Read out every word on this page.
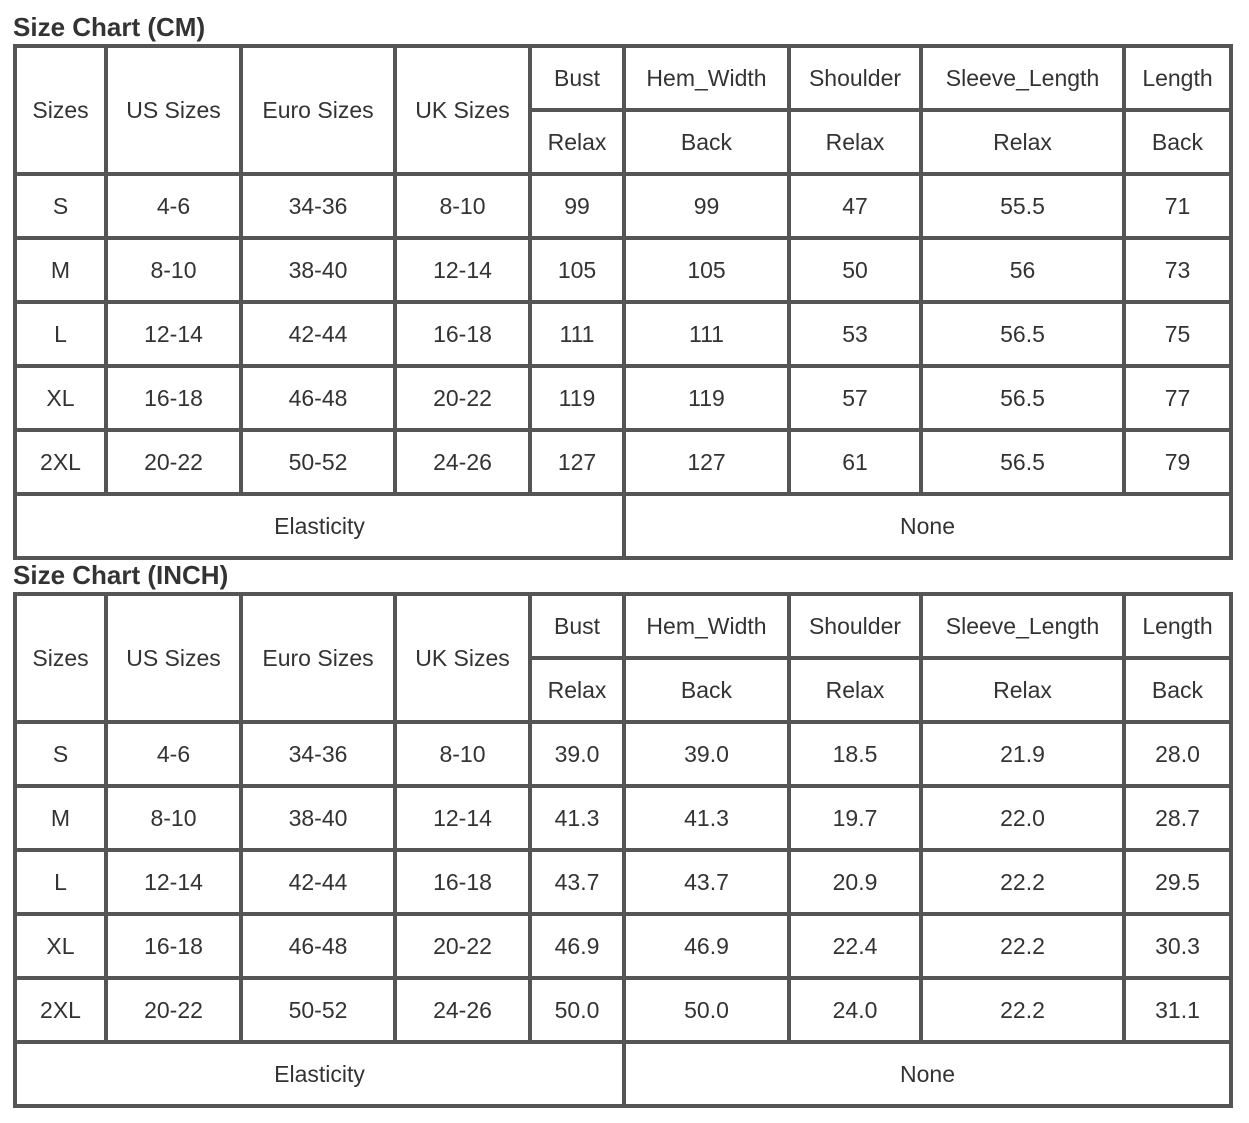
Size Chart (CM)
Sizes	US Sizes	Euro Sizes	UK Sizes	Bust	Hem_Width	Shoulder	Sleeve_Length	Length
				Relax	Back	Relax	Relax	Back
S	4-6	34-36	8-10	99	99	47	55.5	71
M	8-10	38-40	12-14	105	105	50	56	73
L	12-14	42-44	16-18	111	111	53	56.5	75
XL	16-18	46-48	20-22	119	119	57	56.5	77
2XL	20-22	50-52	24-26	127	127	61	56.5	79
Elasticity					None			
Size Chart (INCH)
Sizes	US Sizes	Euro Sizes	UK Sizes	Bust	Hem_Width	Shoulder	Sleeve_Length	Length
				Relax	Back	Relax	Relax	Back
S	4-6	34-36	8-10	39.0	39.0	18.5	21.9	28.0
M	8-10	38-40	12-14	41.3	41.3	19.7	22.0	28.7
L	12-14	42-44	16-18	43.7	43.7	20.9	22.2	29.5
XL	16-18	46-48	20-22	46.9	46.9	22.4	22.2	30.3
2XL	20-22	50-52	24-26	50.0	50.0	24.0	22.2	31.1
Elasticity					None			
